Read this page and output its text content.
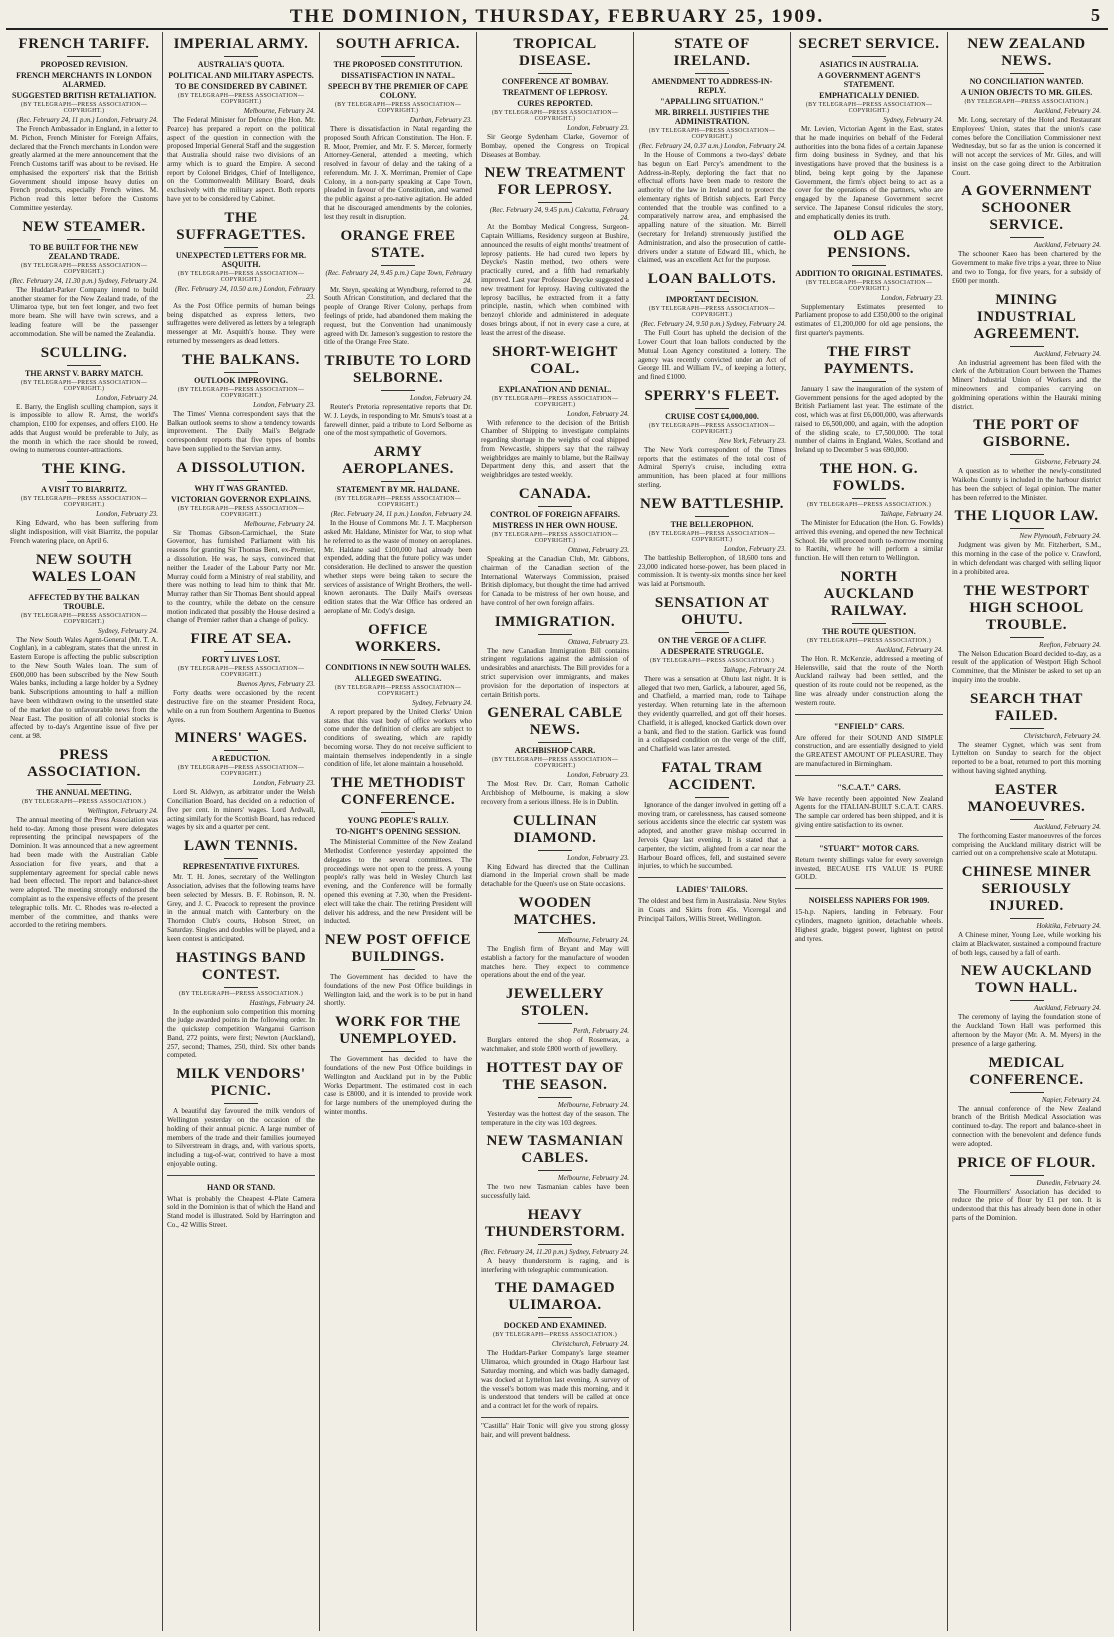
THE DOMINION, THURSDAY, FEBRUARY 25, 1909.	5
FRENCH TARIFF.
PROPOSED REVISION.
FRENCH MERCHANTS IN LONDON ALARMED.
SUGGESTED BRITISH RETALIATION.
(BY TELEGRAPH—PRESS ASSOCIATION—COPYRIGHT.)
(Rec. February 24, 11 p.m.) London, February 24.

The French Ambassador in England, in a letter to M. Pichon, French Minister for Foreign Affairs, declared that the French merchants in London were greatly alarmed at the mere announcement that the French Customs tariff was about to be revised. He emphasised the exporters' risk that the British Government should impose heavy duties on French products, especially French wines. M. Pichon read this letter before the Customs Committee yesterday.

NEW STEAMER.
TO BE BUILT FOR THE NEW ZEALAND TRADE.
(BY TELEGRAPH—PRESS ASSOCIATION—COPYRIGHT.)
(Rec. February 24, 11.30 p.m.) Sydney, February 24.

The Huddart-Parker Company intend to build another steamer for the New Zealand trade, of the Ulimaroa type, but ten feet longer, and two feet more beam. She will have twin screws, and a leading feature will be the passenger accommodation. She will be named the Zealandia.

SCULLING.
THE ARNST V. BARRY MATCH.
(BY TELEGRAPH—PRESS ASSOCIATION—COPYRIGHT.)
London, February 24.

E. Barry, the English sculling champion, says it is impossible to allow R. Arnst, the world's champion, £100 for expenses, and offers £100. He adds that August would be preferable to July, as the month in which the race should be rowed, owing to numerous counter-attractions.

THE KING.
A VISIT TO BIARRITZ.
(BY TELEGRAPH—PRESS ASSOCIATION—COPYRIGHT.)
London, February 23.

King Edward, who has been suffering from slight indisposition, will visit Biarritz, the popular French watering place, on April 6.

NEW SOUTH WALES LOAN
AFFECTED BY THE BALKAN TROUBLE.
(BY TELEGRAPH—PRESS ASSOCIATION—COPYRIGHT.)
Sydney, February 24.

The New South Wales Agent-General (Mr. T. A. Coghlan), in a cablegram, states that the unrest in Eastern Europe is affecting the public subscription to the New South Wales loan. The sum of £600,000 has been subscribed by the New South Wales banks, including a large holder by a Sydney bank. Subscriptions amounting to half a million have been withdrawn owing to the unsettled state of the market due to unfavourable news from the Near East. The position of all colonial stocks is affected by to-day's Argentine issue of five per cent. at 98.

PRESS ASSOCIATION.
THE ANNUAL MEETING.
(BY TELEGRAPH—PRESS ASSOCIATION.)
Wellington, February 24.

The annual meeting of the Press Association was held to-day. Among those present were delegates representing the principal newspapers of the Dominion. It was announced that a new agreement had been made with the Australian Cable Association for five years, and that a supplementary agreement for special cable news had been effected. The report and balance-sheet were adopted. The meeting strongly endorsed the complaint as to the expensive effects of the present telegraphic tolls. Mr. C. Rhodes was re-elected a member of the committee, and thanks were accorded to the retiring members.

IMPERIAL ARMY.
AUSTRALIA'S QUOTA.
POLITICAL AND MILITARY ASPECTS.
TO BE CONSIDERED BY CABINET.
(BY TELEGRAPH—PRESS ASSOCIATION—COPYRIGHT.)
Melbourne, February 24.

The Federal Minister for Defence (the Hon. Mr. Pearce) has prepared a report on the political aspect of the question in connection with the proposed Imperial General Staff and the suggestion that Australia should raise two divisions of an army which is to guard the Empire. A second report by Colonel Bridges, Chief of Intelligence, on the Commonwealth Military Board, deals exclusively with the military aspect. Both reports have yet to be considered by Cabinet.

THE SUFFRAGETTES.
UNEXPECTED LETTERS FOR MR. ASQUITH.
(BY TELEGRAPH—PRESS ASSOCIATION—COPYRIGHT.)
(Rec. February 24, 10.50 a.m.) London, February 23.

As the Post Office permits of human beings being dispatched as express letters, two suffragettes were delivered as letters by a telegraph messenger at Mr. Asquith's house. They were returned by messengers as dead letters.

THE BALKANS.
OUTLOOK IMPROVING.
(BY TELEGRAPH—PRESS ASSOCIATION—COPYRIGHT.)
London, February 23.

The Times' Vienna correspondent says that the Balkan outlook seems to show a tendency towards improvement. The Daily Mail's Belgrade correspondent reports that five types of bombs have been supplied to the Servian army.

A DISSOLUTION.
WHY IT WAS GRANTED.
VICTORIAN GOVERNOR EXPLAINS.
(BY TELEGRAPH—PRESS ASSOCIATION—COPYRIGHT.)
Melbourne, February 24.

Sir Thomas Gibson-Carmichael, the State Governor, has furnished Parliament with his reasons for granting Sir Thomas Bent, ex-Premier, a dissolution. He was, he says, convinced that neither the Leader of the Labour Party nor Mr. Murray could form a Ministry of real stability, and there was nothing to lead him to think that Mr. Murray rather than Sir Thomas Bent should appeal to the country, while the debate on the censure motion indicated that possibly the House desired a change of Premier rather than a change of policy.

FIRE AT SEA.
FORTY LIVES LOST.
(BY TELEGRAPH—PRESS ASSOCIATION—COPYRIGHT.)
Buenos Ayres, February 23.

Forty deaths were occasioned by the recent destructive fire on the steamer President Roca, while on a run from Southern Argentina to Buenos Ayres.

MINERS' WAGES.
A REDUCTION.
(BY TELEGRAPH—PRESS ASSOCIATION—COPYRIGHT.)
London, February 23.

Lord St. Aldwyn, as arbitrator under the Welsh Conciliation Board, has decided on a reduction of five per cent. in miners' wages. Lord Ardwall, acting similarly for the Scottish Board, has reduced wages by six and a quarter per cent.

LAWN TENNIS.
REPRESENTATIVE FIXTURES.

Mr. T. H. Jones, secretary of the Wellington Association, advises that the following teams have been selected by Messrs. B. F. Robinson, R. N. Grey, and J. C. Peacock to represent the province in the annual match with Canterbury on the Thorndon Club's courts, Hobson Street, on Saturday. Singles and doubles will be played, and a keen contest is anticipated.

HASTINGS BAND CONTEST.
(BY TELEGRAPH—PRESS ASSOCIATION.)
Hastings, February 24.

In the euphonium solo competition this morning the judge awarded points in the following order. In the quickstep competition Wanganui Garrison Band, 272 points, were first; Newton (Auckland), 257, second; Thames, 250, third. Six other bands competed.

MILK VENDORS' PICNIC.

A beautiful day favoured the milk vendors of Wellington yesterday on the occasion of the holding of their annual picnic. A large number of members of the trade and their families journeyed to Silverstream in drags, and, with various sports, including a tug-of-war, contrived to have a most enjoyable outing.

HAND OR STAND.

What is probably the Cheapest 4-Plate Camera sold in the Dominion is that of which the Hand and Stand model is illustrated. Sold by Harrington and Co., 42 Willis Street.

SOUTH AFRICA.
THE PROPOSED CONSTITUTION.
DISSATISFACTION IN NATAL.
SPEECH BY THE PREMIER OF CAPE COLONY.
(BY TELEGRAPH—PRESS ASSOCIATION—COPYRIGHT.)
Durban, February 23.

There is dissatisfaction in Natal regarding the proposed South African Constitution. The Hon. F. R. Moor, Premier, and Mr. F. S. Mercer, formerly Attorney-General, attended a meeting, which resolved in favour of delay and the taking of a referendum. Mr. J. X. Merriman, Premier of Cape Colony, in a non-party speaking at Cape Town, pleaded in favour of the Constitution, and warned the public against a pro-native agitation. He added that he discouraged amendments by the colonies, lest they result in disruption.

ORANGE FREE STATE.
(Rec. February 24, 9.45 p.m.) Cape Town, February 24.

Mr. Steyn, speaking at Wyndburg, referred to the South African Constitution, and declared that the people of Orange River Colony, perhaps from feelings of pride, had abandoned them making the request, but the Convention had unanimously agreed with Dr. Jameson's suggestion to restore the title of the Orange Free State.

TRIBUTE TO LORD SELBORNE.
London, February 24.

Reuter's Pretoria representative reports that Dr. W. J. Leyds, in responding to Mr. Smuts's toast at a farewell dinner, paid a tribute to Lord Selborne as one of the most sympathetic of Governors.

ARMY AEROPLANES.
STATEMENT BY MR. HALDANE.
(BY TELEGRAPH—PRESS ASSOCIATION—COPYRIGHT.)
(Rec. February 24, 11 p.m.) London, February 24.

In the House of Commons Mr. J. T. Macpherson asked Mr. Haldane, Minister for War, to stop what he referred to as the waste of money on aeroplanes. Mr. Haldane said £100,000 had already been expended, adding that the future policy was under consideration. He declined to answer the question whether steps were being taken to secure the services of assistance of Wright Brothers, the well-known aeronauts. The Daily Mail's overseas edition states that the War Office has ordered an aeroplane of Mr. Cody's design.

OFFICE WORKERS.
CONDITIONS IN NEW SOUTH WALES.
ALLEGED SWEATING.
(BY TELEGRAPH—PRESS ASSOCIATION—COPYRIGHT.)
Sydney, February 24.

A report prepared by the United Clerks' Union states that this vast body of office workers who come under the definition of clerks are subject to conditions of sweating, which are rapidly becoming worse. They do not receive sufficient to maintain themselves independently in a single condition of life, let alone maintain a household.

THE METHODIST CONFERENCE.
YOUNG PEOPLE'S RALLY.
TO-NIGHT'S OPENING SESSION.

The Ministerial Committee of the New Zealand Methodist Conference yesterday appointed the delegates to the several committees. The proceedings were not open to the press. A young people's rally was held in Wesley Church last evening, and the Conference will be formally opened this evening at 7.30, when the President-elect will take the chair. The retiring President will deliver his address, and the new President will be inducted.

NEW POST OFFICE BUILDINGS.

The Government has decided to have the foundations of the new Post Office buildings in Wellington laid, and the work is to be put in hand shortly.

WORK FOR THE UNEMPLOYED.

The Government has decided to have the foundations of the new Post Office buildings in Wellington and Auckland put in by the Public Works Department. The estimated cost in each case is £8000, and it is intended to provide work for large numbers of the unemployed during the winter months.

TROPICAL DISEASE.
CONFERENCE AT BOMBAY.
TREATMENT OF LEPROSY.
CURES REPORTED.
(BY TELEGRAPH—PRESS ASSOCIATION—COPYRIGHT.)
London, February 23.

Sir George Sydenham Clarke, Governor of Bombay, opened the Congress on Tropical Diseases at Bombay.

NEW TREATMENT FOR LEPROSY.
(Rec. February 24, 9.45 p.m.) Calcutta, February 24.

At the Bombay Medical Congress, Surgeon-Captain Williams, Residency surgeon at Bushire, announced the results of eight months' treatment of leprosy patients. He had cured two lepers by Deycke's Nastin method, two others were practically cured, and a fifth had remarkably improved. Last year Professor Deycke suggested a new treatment for leprosy. Having cultivated the leprosy bacillus, he extracted from it a fatty principle, nastin, which when combined with benzoyl chloride and administered in adequate doses brings about, if not in every case a cure, at least the arrest of the disease.

SHORT-WEIGHT COAL.
EXPLANATION AND DENIAL.
(BY TELEGRAPH—PRESS ASSOCIATION—COPYRIGHT.)
London, February 24.

With reference to the decision of the British Chamber of Shipping to investigate complaints regarding shortage in the weights of coal shipped from Newcastle, shippers say that the railway weighbridges are mainly to blame, but the Railway Department deny this, and assert that the weighbridges are tested weekly.

CANADA.
CONTROL OF FOREIGN AFFAIRS.
MISTRESS IN HER OWN HOUSE.
(BY TELEGRAPH—PRESS ASSOCIATION—COPYRIGHT.)
Ottawa, February 23.

Speaking at the Canadian Club, Mr. Gibbons, chairman of the Canadian section of the International Waterways Commission, praised British diplomacy, but thought the time had arrived for Canada to be mistress of her own house, and have control of her own foreign affairs.

IMMIGRATION.
Ottawa, February 23.

The new Canadian Immigration Bill contains stringent regulations against the admission of undesirables and anarchists. The Bill provides for a strict supervision over immigrants, and makes provision for the deportation of inspectors at certain British ports.

GENERAL CABLE NEWS.
ARCHBISHOP CARR.
(BY TELEGRAPH—PRESS ASSOCIATION—COPYRIGHT.)
London, February 23.

The Most Rev. Dr. Carr, Roman Catholic Archbishop of Melbourne, is making a slow recovery from a serious illness. He is in Dublin.

CULLINAN DIAMOND.
London, February 23.

King Edward has directed that the Cullinan diamond in the Imperial crown shall be made detachable for the Queen's use on State occasions.

WOODEN MATCHES.
Melbourne, February 24.

The English firm of Bryant and May will establish a factory for the manufacture of wooden matches here. They expect to commence operations about the end of the year.

JEWELLERY STOLEN.
Perth, February 24.

Burglars entered the shop of Rosenwax, a watchmaker, and stole £800 worth of jewellery.

HOTTEST DAY OF THE SEASON.
Melbourne, February 24.

Yesterday was the hottest day of the season. The temperature in the city was 103 degrees.

NEW TASMANIAN CABLES.
Melbourne, February 24.

The two new Tasmanian cables have been successfully laid.

HEAVY THUNDERSTORM.
(Rec. February 24, 11.20 p.m.) Sydney, February 24.

A heavy thunderstorm is raging, and is interfering with telegraphic communication.

THE DAMAGED ULIMAROA.
DOCKED AND EXAMINED.
(BY TELEGRAPH—PRESS ASSOCIATION.)
Christchurch, February 24.

The Huddart-Parker Company's large steamer Ulimaroa, which grounded in Otago Harbour last Saturday morning, and which was badly damaged, was docked at Lyttelton last evening. A survey of the vessel's bottom was made this morning, and it is understood that tenders will be called at once and a contract let for the work of repairs.

"Castilla" Hair Tonic will give you strong glossy hair, and will prevent baldness.

STATE OF IRELAND.
AMENDMENT TO ADDRESS-IN-REPLY.
"APPALLING SITUATION."
MR. BIRRELL JUSTIFIES THE ADMINISTRATION.
(BY TELEGRAPH—PRESS ASSOCIATION—COPYRIGHT.)
(Rec. February 24, 0.37 a.m.) London, February 24.

In the House of Commons a two-days' debate has begun on Earl Percy's amendment to the Address-in-Reply, deploring the fact that no effectual efforts have been made to restore the authority of the law in Ireland and to protect the elementary rights of British subjects. Earl Percy contended that the trouble was confined to a comparatively narrow area, and emphasised the appalling nature of the situation. Mr. Birrell (secretary for Ireland) strenuously justified the Administration, and also the prosecution of cattle-drivers under a statute of Edward III., which, he claimed, was an excellent Act for the purpose.

LOAN BALLOTS.
IMPORTANT DECISION.
(BY TELEGRAPH—PRESS ASSOCIATION—COPYRIGHT.)
(Rec. February 24, 9.50 p.m.) Sydney, February 24.

The Full Court has upheld the decision of the Lower Court that loan ballots conducted by the Mutual Loan Agency constituted a lottery. The agency was recently convicted under an Act of George III. and William IV., of keeping a lottery, and fined £1000.

SPERRY'S FLEET.
CRUISE COST £4,000,000.
(BY TELEGRAPH—PRESS ASSOCIATION—COPYRIGHT.)
New York, February 23.

The New York correspondent of the Times reports that the estimates of the total cost of Admiral Sperry's cruise, including extra ammunition, has been placed at four millions sterling.

NEW BATTLESHIP.
THE BELLEROPHON.
(BY TELEGRAPH—PRESS ASSOCIATION—COPYRIGHT.)
London, February 23.

The battleship Bellerophon, of 18,600 tons and 23,000 indicated horse-power, has been placed in commission. It is twenty-six months since her keel was laid at Portsmouth.

SENSATION AT OHUTU.
ON THE VERGE OF A CLIFF.
A DESPERATE STRUGGLE.
(BY TELEGRAPH—PRESS ASSOCIATION.)
Taihape, February 24.

There was a sensation at Ohutu last night. It is alleged that two men, Garlick, a labourer, aged 56, and Chatfield, a married man, rode to Taihape yesterday. When returning late in the afternoon they evidently quarrelled, and got off their horses. Chatfield, it is alleged, knocked Garlick down over a bank, and fled to the station. Garlick was found in a collapsed condition on the verge of the cliff, and Chatfield was later arrested.

FATAL TRAM ACCIDENT.

Ignorance of the danger involved in getting off a moving tram, or carelessness, has caused someone serious accidents since the electric car system was adopted, and another grave mishap occurred in Jervois Quay last evening. It is stated that a carpenter, the victim, alighted from a car near the Harbour Board offices, fell, and sustained severe injuries, to which he succumbed.

LADIES' TAILORS.

The oldest and best firm in Australasia. New Styles in Coats and Skirts from 45s. Viceregal and Principal Tailors, Willis Street, Wellington.

SECRET SERVICE.
ASIATICS IN AUSTRALIA.
A GOVERNMENT AGENT'S STATEMENT.
EMPHATICALLY DENIED.
(BY TELEGRAPH—PRESS ASSOCIATION—COPYRIGHT.)
Sydney, February 24.

Mr. Levien, Victorian Agent in the East, states that he made inquiries on behalf of the Federal authorities into the bona fides of a certain Japanese firm doing business in Sydney, and that his investigations have proved that the business is a blind, being kept going by the Japanese Government, the firm's object being to act as a cover for the operations of the partners, who are engaged by the Japanese Government secret service. The Japanese Consul ridicules the story, and emphatically denies its truth.

OLD AGE PENSIONS.
ADDITION TO ORIGINAL ESTIMATES.
(BY TELEGRAPH—PRESS ASSOCIATION—COPYRIGHT.)
London, February 23.

Supplementary Estimates presented to Parliament propose to add £350,000 to the original estimates of £1,200,000 for old age pensions, the first quarter's payments.

THE FIRST PAYMENTS.

January 1 saw the inauguration of the system of Government pensions for the aged adopted by the British Parliament last year. The estimate of the cost, which was at first £6,000,000, was afterwards raised to £6,500,000, and again, with the adoption of the sliding scale, to £7,500,000. The total number of claims in England, Wales, Scotland and Ireland up to December 5 was 690,000.

THE HON. G. FOWLDS.
(BY TELEGRAPH—PRESS ASSOCIATION.)
Taihape, February 24.

The Minister for Education (the Hon. G. Fowlds) arrived this evening, and opened the new Technical School. He will proceed north to-morrow morning to Raetihi, where he will perform a similar function. He will then return to Wellington.

NORTH AUCKLAND RAILWAY.
THE ROUTE QUESTION.
(BY TELEGRAPH—PRESS ASSOCIATION.)
Auckland, February 24.

The Hon. R. McKenzie, addressed a meeting of Helensville, said that the route of the North Auckland railway had been settled, and the question of its route could not be reopened, as the line was already under construction along the western route.

"ENFIELD" CARS.

Are offered for their SOUND AND SIMPLE construction, and are essentially designed to yield the GREATEST AMOUNT OF PLEASURE. They are manufactured in Birmingham.

"S.C.A.T." CARS.

We have recently been appointed New Zealand Agents for the ITALIAN-BUILT S.C.A.T. CARS. The sample car ordered has been shipped, and it is giving entire satisfaction to its owner.

"STUART" MOTOR CARS.

Return twenty shillings value for every sovereign invested, BECAUSE ITS VALUE IS PURE GOLD.

NOISELESS NAPIERS FOR 1909.

15-h.p. Napiers, landing in February. Four cylinders, magneto ignition, detachable wheels. Highest grade, biggest power, lightest on petrol and tyres.

NEW ZEALAND NEWS.
NO CONCILIATION WANTED.
A UNION OBJECTS TO MR. GILES.
(BY TELEGRAPH—PRESS ASSOCIATION.)
Auckland, February 24.

Mr. Long, secretary of the Hotel and Restaurant Employees' Union, states that the union's case comes before the Conciliation Commissioner next Wednesday, but so far as the union is concerned it will not accept the services of Mr. Giles, and will insist on the case going direct to the Arbitration Court.

A GOVERNMENT SCHOONER SERVICE.
Auckland, February 24.

The schooner Kaeo has been chartered by the Government to make five trips a year, three to Niue and two to Tonga, for five years, for a subsidy of £600 per month.

MINING INDUSTRIAL AGREEMENT.
Auckland, February 24.

An industrial agreement has been filed with the clerk of the Arbitration Court between the Thames Miners' Industrial Union of Workers and the mineowners and companies carrying on goldmining operations within the Hauraki mining district.

THE PORT OF GISBORNE.
Gisborne, February 24.

A question as to whether the newly-constituted Waikohu County is included in the harbour district has been the subject of legal opinion. The matter has been referred to the Minister.

THE LIQUOR LAW.
New Plymouth, February 24.

Judgment was given by Mr. Fitzherbert, S.M., this morning in the case of the police v. Crawford, in which defendant was charged with selling liquor in a prohibited area.

THE WESTPORT HIGH SCHOOL TROUBLE.
Reefton, February 24.

The Nelson Education Board decided to-day, as a result of the application of Westport High School Committee, that the Minister be asked to set up an inquiry into the trouble.

SEARCH THAT FAILED.
Christchurch, February 24.

The steamer Cygnet, which was sent from Lyttelton on Sunday to search for the object reported to be a boat, returned to port this morning without having sighted anything.

EASTER MANOEUVRES.
Auckland, February 24.

The forthcoming Easter manoeuvres of the forces comprising the Auckland military district will be carried out on a comprehensive scale at Motutapu.

CHINESE MINER SERIOUSLY INJURED.
Hokitika, February 24.

A Chinese miner, Young Lee, while working his claim at Blackwater, sustained a compound fracture of both legs, caused by a fall of earth.

NEW AUCKLAND TOWN HALL.
Auckland, February 24.

The ceremony of laying the foundation stone of the Auckland Town Hall was performed this afternoon by the Mayor (Mr. A. M. Myers) in the presence of a large gathering.

MEDICAL CONFERENCE.
Napier, February 24.

The annual conference of the New Zealand branch of the British Medical Association was continued to-day. The report and balance-sheet in connection with the benevolent and defence funds were adopted.

PRICE OF FLOUR.
Dunedin, February 24.

The Flourmillers' Association has decided to reduce the price of flour by £1 per ton. It is understood that this has already been done in other parts of the Dominion.
